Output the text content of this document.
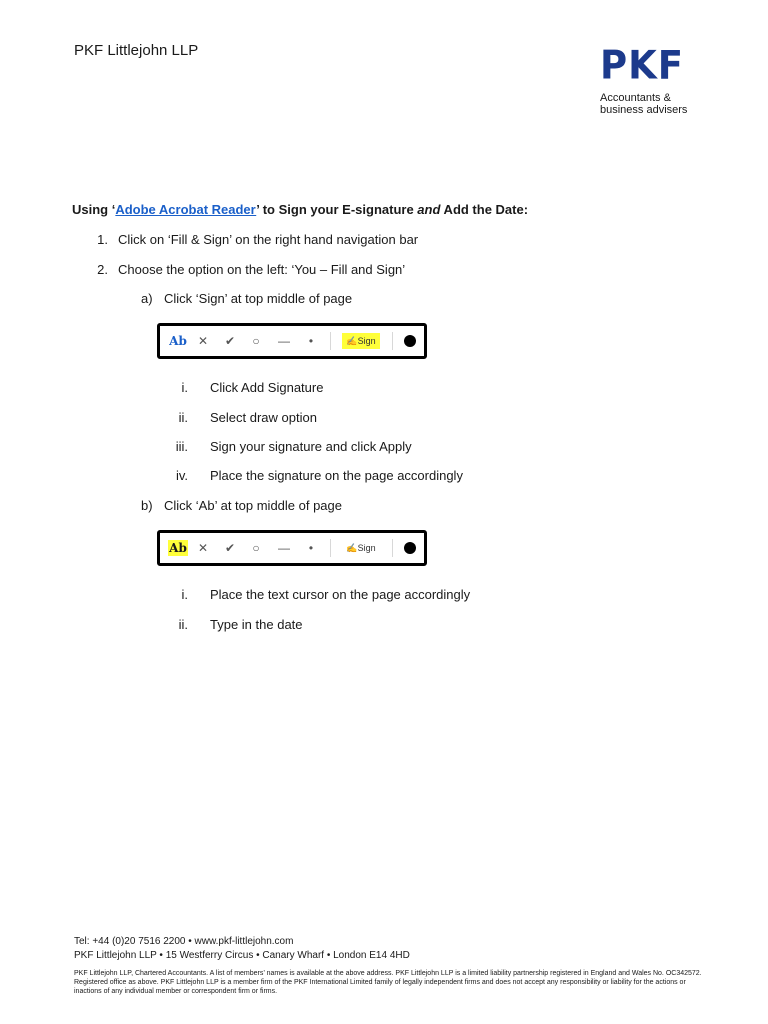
PKF Littlejohn LLP	PKF
Accountants &
business advisers
Using ‘Adobe Acrobat Reader’ to Sign your E-signature and Add the Date:
1. Click on ‘Fill & Sign’ on the right hand navigation bar
2. Choose the option on the left: ‘You – Fill and Sign’
a) Click ‘Sign’ at top middle of page
Ab ✕ ✔	○	—	•	✍Sign
i. Click Add Signature
ii. Select draw option
iii. Sign your signature and click Apply
iv. Place the signature on the page accordingly
b) Click ‘Ab’ at top middle of page
Ab ✕ ✔	○	—	•	✍Sign
i. Place the text cursor on the page accordingly
ii. Type in the date
Tel: +44 (0)20 7516 2200 • www.pkf-littlejohn.com
PKF Littlejohn LLP • 15 Westferry Circus • Canary Wharf • London E14 4HD
PKF Littlejohn LLP, Chartered Accountants. A list of members’ names is available at the above address. PKF Littlejohn LLP is a limited liability partnership registered in England and Wales No. OC342572. Registered office as above. PKF Littlejohn LLP is a member firm of the PKF International Limited family of legally independent firms and does not accept any responsibility or liability for the actions or inactions of any individual member or correspondent firm or firms.
